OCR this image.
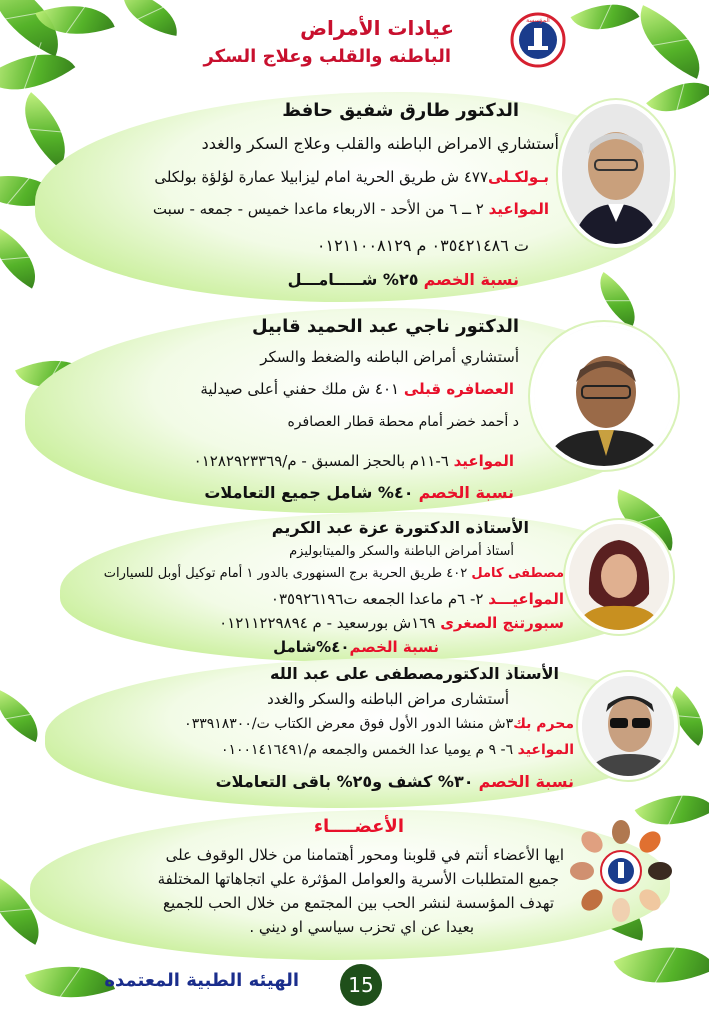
المؤسسة
عيادات الأمراض
الباطنه والقلب وعلاج السكر
الدكتور طارق شفيق حافظ
أستشاري الامراض الباطنه والقلب وعلاج السكر والغدد
بـولكـلى٤٧٧ ش طريق الحرية امام ليزابيلا عمارة لؤلؤة بولكلى
المواعيد ٢ ــ ٦ من الأحد - الاربعاء ماعدا خميس - جمعه - سبت
ت ٠٣٥٤٢١٤٨٦ م ٠١٢١١٠٠٨١٢٩
نسبة الخصم ٢٥% شـــــامـــل
الدكتور ناجي عبد الحميد قابيل
أستشاري أمراض الباطنه والضغط والسكر
العصافره قبلى ٤٠١ ش ملك حفني أعلى صيدلية
د أحمد خضر أمام محطة قطار العصافره
المواعيد ٦-١١م بالحجز المسبق - م/٠١٢٨٢٩٢٣٣٦٩
نسبة الخصم ٤٠% شامل جميع التعاملات
الأستاذه الدكتورة عزة عبد الكريم
أستاذ أمراض الباطنة والسكر والميتابوليزم
مصطفى كامل ٤٠٢ طريق الحرية برج السنهورى بالدور ١ أمام توكيل أوبل للسيارات
المواعيـــد ٢- ٦م ماعدا الجمعه ت٠٣٥٩٢٦١٩٦
سبورتنج الصغرى ١٦٩ش بورسعيد - م ٠١٢١١٢٢٩٨٩٤
نسبة الخصم٤٠%شامل
الأستاذ الدكتورمصطفى على عبد الله
أستشارى مراض الباطنه والسكر والغدد
محرم بك٣ش منشا الدور الأول فوق معرض الكتاب ت/٠٣٣٩١٨٣٠٠
المواعيد ٦- ٩ م يوميا عدا الخمس والجمعه م/٠١٠٠١٤١٦٤٩١
نسبة الخصم ٣٠% كشف و٢٥% باقى التعاملات
الأعضــــاء
ايها الأعضاء أنتم في قلوبنا ومحور أهتمامنا من خلال الوقوف على
جميع المتطلبات الأسرية والعوامل المؤثرة علي اتجاهاتها المختلفة
تهدف المؤسسة لنشر الحب بين المجتمع من خلال الحب للجميع
بعيدا عن اي تحزب سياسي او ديني .
15
الهيئه الطبية المعتمده
